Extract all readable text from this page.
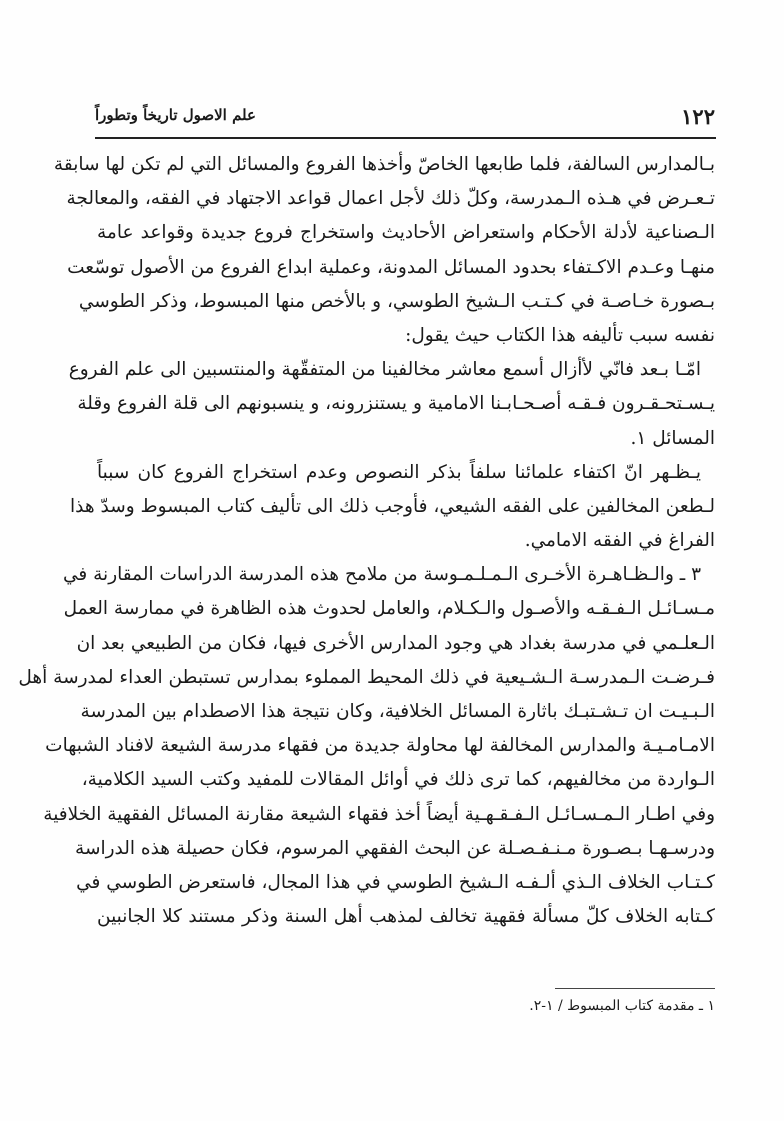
١٢٢
علم الاصول تاريخاً وتطوراً
بـالمدارس السالفة، فلما طابعها الخاصّ وأخذها الفروع والمسائل التي لم تكن لها سابقة
تـعـرض في هـذه الـمدرسة، وكلّ ذلك لأجل اعمال قواعد الاجتهاد في الفقه، والمعالجة
الـصناعية لأدلة الأحكام واستعراض الأحاديث واستخراج فروع جديدة وقواعد عامة
منهـا وعـدم الاكـتفاء بحدود المسائل المدونة، وعملية ابداع الفروع من الأصول توسّعت
بـصورة خـاصـة في كـتـب الـشيخ الطوسي، و بالأخص منها المبسوط، وذكر الطوسي
نفسه سبب تأليفه هذا الكتاب حيث يقول:
امّـا بـعد فانّي لأأزال أسمع معاشر مخالفينا من المتفقّهة والمنتسبين الى علم الفروع
يـسـتحـقـرون فـقـه أصـحـابـنا الامامية و يستنزرونه، و ينسبونهم الى قلة الفروع وقلة
المسائل ١.
يـظـهر انّ اكتفاء علمائنا سلفاً بذكر النصوص وعدم استخراج الفروع كان سبباً
لـطعن المخالفين على الفقه الشيعي، فأوجب ذلك الى تأليف كتاب المبسوط وسدّ هذا
الفراغ في الفقه الامامي.
٣ ـ والـظـاهـرة الأخـرى الـمـلـمـوسة من ملامح هذه المدرسة الدراسات المقارنة في
مـسـائـل الـفـقـه والأصـول والـكـلام، والعامل لحدوث هذه الظاهرة في ممارسة العمل
الـعلـمي في مدرسة بغداد هي وجود المدارس الأخرى فيها، فكان من الطبيعي بعد ان
فـرضـت الـمدرسـة الـشـيعية في ذلك المحيط المملوء بمدارس تستبطن العداء لمدرسة أهل
الـبـيـت ان تـشـتبـك باثارة المسائل الخلافية، وكان نتيجة هذا الاصطدام بين المدرسة
الامـامـيـة والمدارس المخالفة لها محاولة جديدة من فقهاء مدرسة الشيعة لافناد الشبهات
الـواردة من مخالفيهم، كما ترى ذلك في أوائل المقالات للمفيد وكتب السيد الكلامية،
وفي اطـار الـمـسـائـل الـفـقـهـية أيضاً أخذ فقهاء الشيعة مقارنة المسائل الفقهية الخلافية
ودرسـهـا بـصـورة مـنـفـصـلة عن البحث الفقهي المرسوم، فكان حصيلة هذه الدراسة
كـتـاب الخلاف الـذي ألـفـه الـشيخ الطوسي في هذا المجال، فاستعرض الطوسي في
كـتابه الخلاف كلّ مسألة فقهية تخالف لمذهب أهل السنة وذكر مستند كلا الجانبين
١ ـ مقدمة كتاب المبسوط / ١-٢.
